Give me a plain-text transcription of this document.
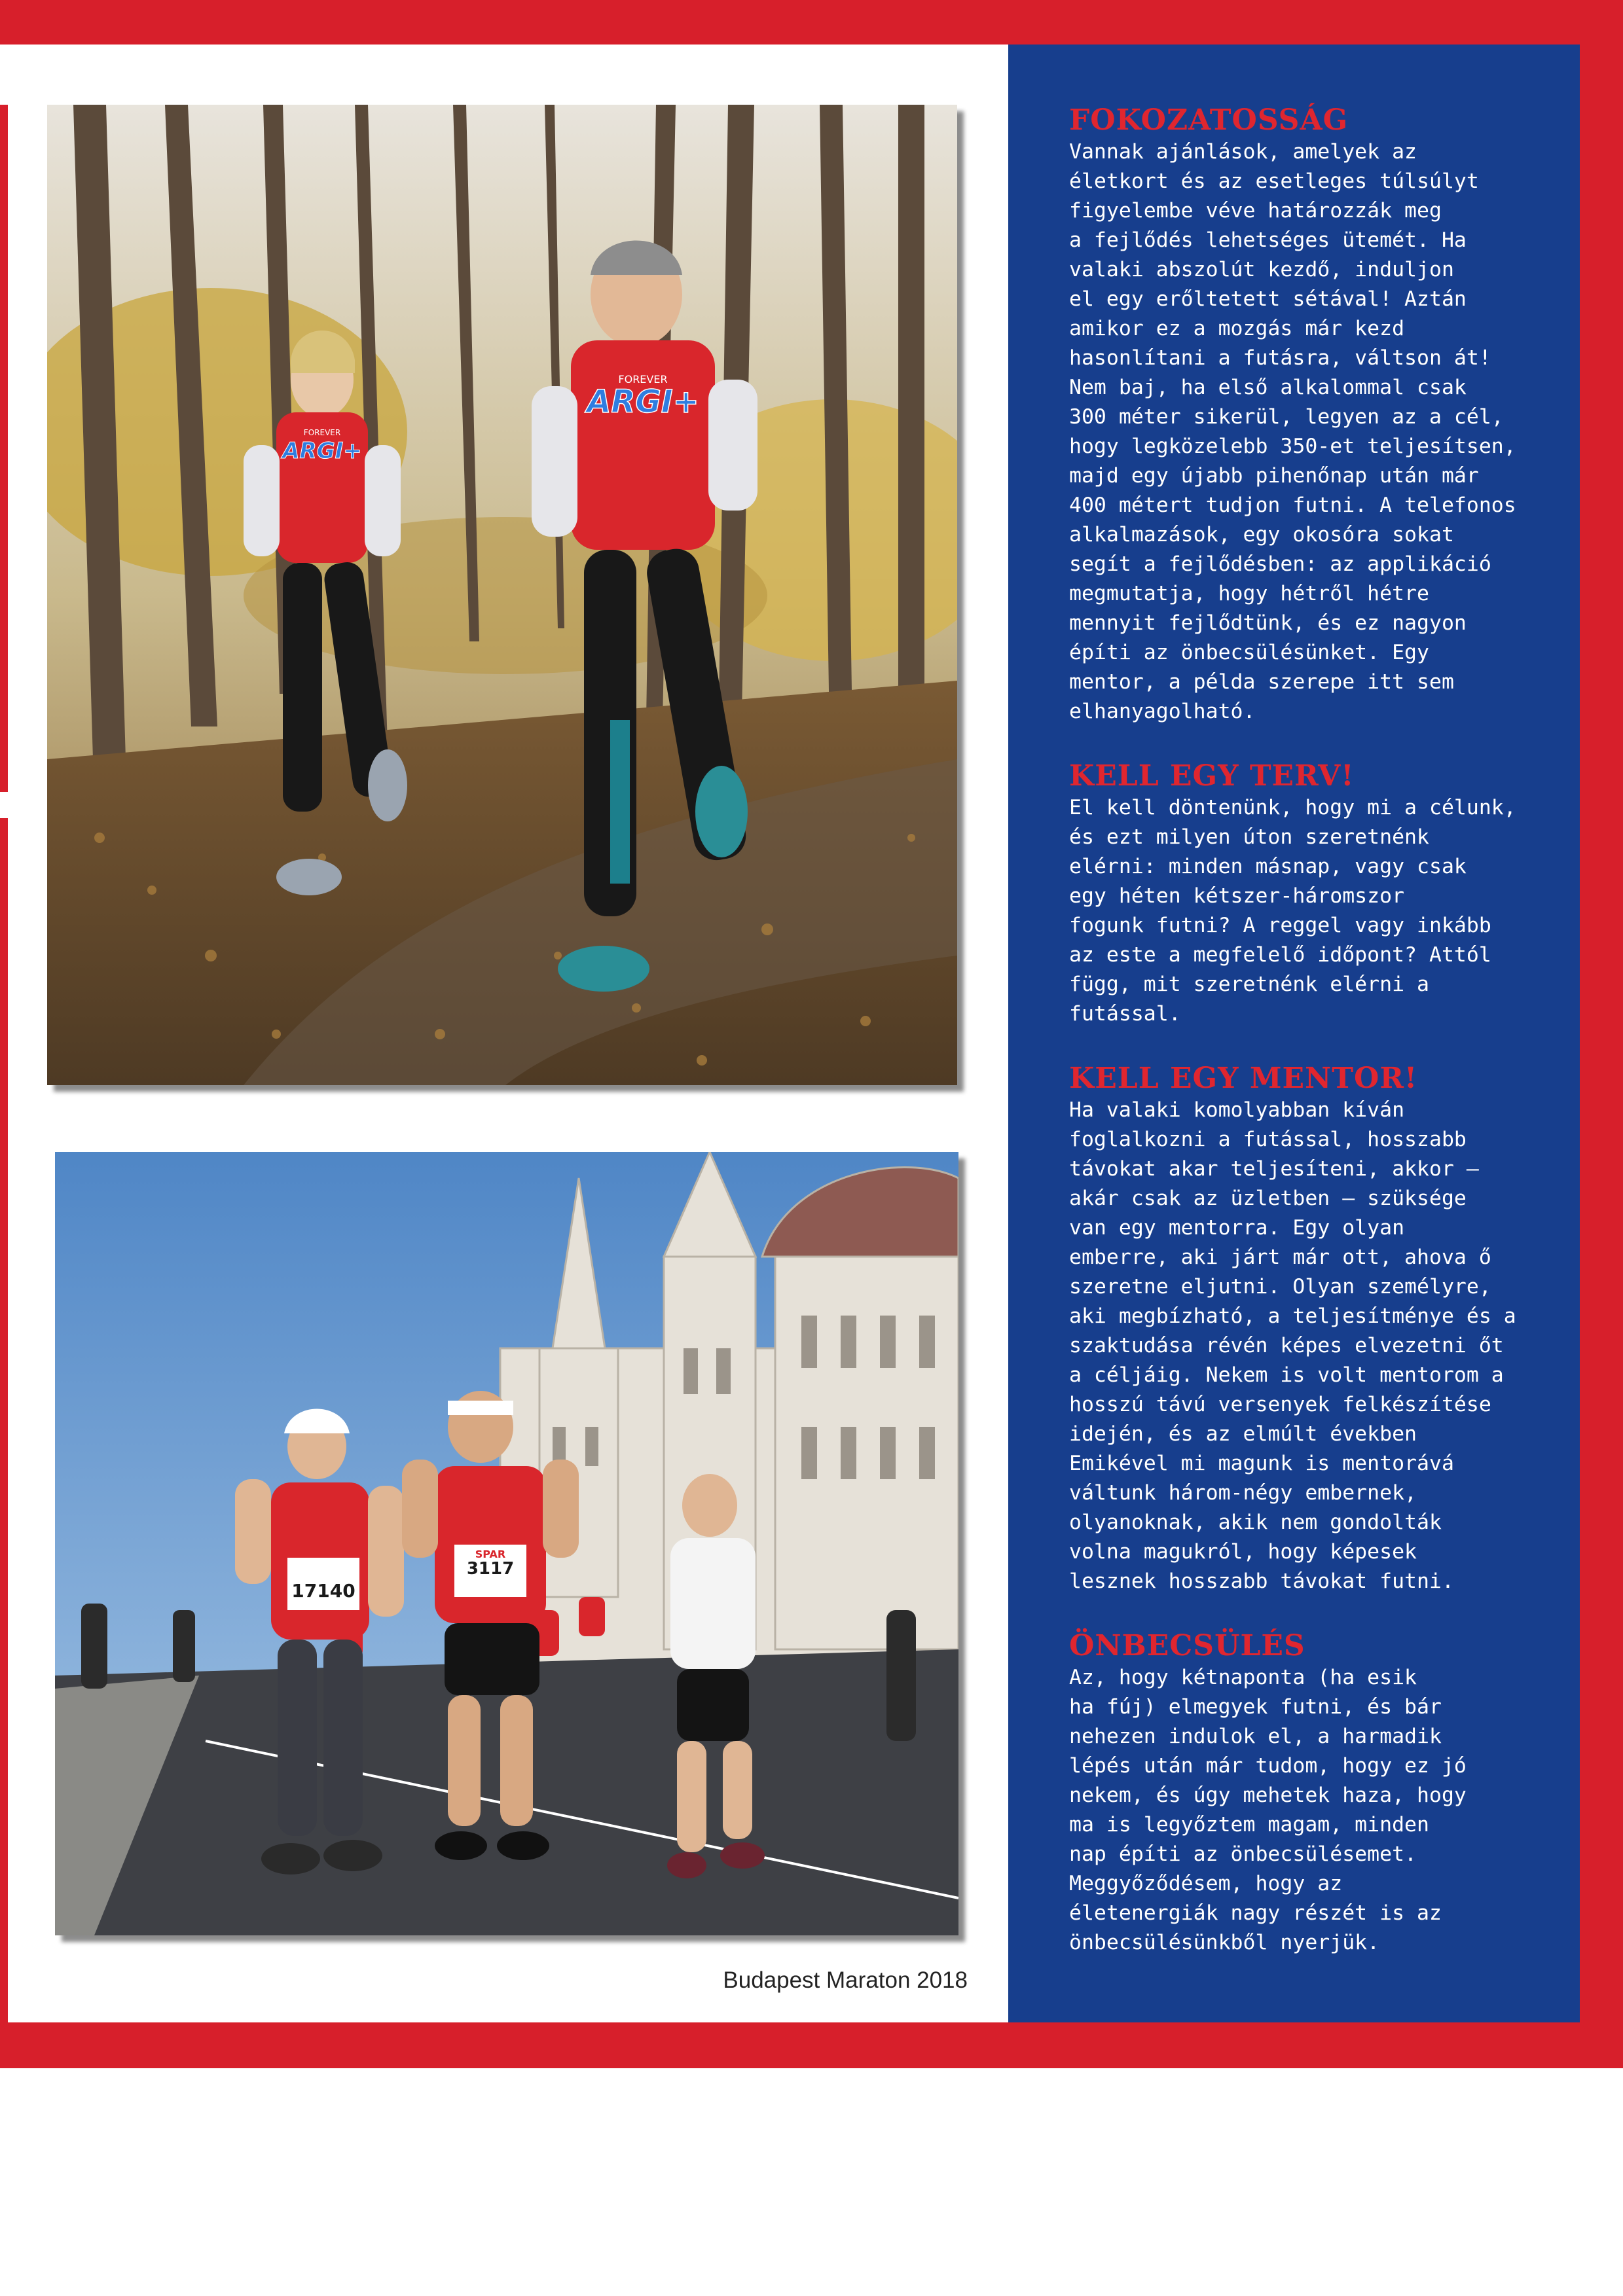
FOREVER
ARGI+
FOREVER
ARGI+
17140
3117
SPAR
Budapest Maraton 2018
FOKOZATOSSÁG

Vannak ajánlások, amelyek az
életkort és az esetleges túlsúlyt
figyelembe véve határozzák meg
a fejlődés lehetséges ütemét. Ha
valaki abszolút kezdő, induljon
el egy erőltetett sétával! Aztán
amikor ez a mozgás már kezd
hasonlítani a futásra, váltson át!
Nem baj, ha első alkalommal csak
300 méter sikerül, legyen az a cél,
hogy legközelebb 350-et teljesítsen,
majd egy újabb pihenőnap után már
400 métert tudjon futni. A telefonos
alkalmazások, egy okosóra sokat
segít a fejlődésben: az applikáció
megmutatja, hogy hétről hétre
mennyit fejlődtünk, és ez nagyon
építi az önbecsülésünket. Egy
mentor, a példa szerepe itt sem
elhanyagolható.

KELL EGY TERV!

El kell döntenünk, hogy mi a célunk,
és ezt milyen úton szeretnénk
elérni: minden másnap, vagy csak
egy héten kétszer-háromszor
fogunk futni? A reggel vagy inkább
az este a megfelelő időpont? Attól
függ, mit szeretnénk elérni a
futással.

KELL EGY MENTOR!

Ha valaki komolyabban kíván
foglalkozni a futással, hosszabb
távokat akar teljesíteni, akkor –
akár csak az üzletben – szüksége
van egy mentorra. Egy olyan
emberre, aki járt már ott, ahova ő
szeretne eljutni. Olyan személyre,
aki megbízható, a teljesítménye és a
szaktudása révén képes elvezetni őt
a céljáig. Nekem is volt mentorom a
hosszú távú versenyek felkészítése
idején, és az elmúlt években
Emikével mi magunk is mentorává
váltunk három-négy embernek,
olyanoknak, akik nem gondolták
volna magukról, hogy képesek
lesznek hosszabb távokat futni.

ÖNBECSÜLÉS

Az, hogy kétnaponta (ha esik
ha fúj) elmegyek futni, és bár
nehezen indulok el, a harmadik
lépés után már tudom, hogy ez jó
nekem, és úgy mehetek haza, hogy
ma is legyőztem magam, minden
nap építi az önbecsülésemet.
Meggyőződésem, hogy az
életenergiák nagy részét is az
önbecsülésünkből nyerjük.
